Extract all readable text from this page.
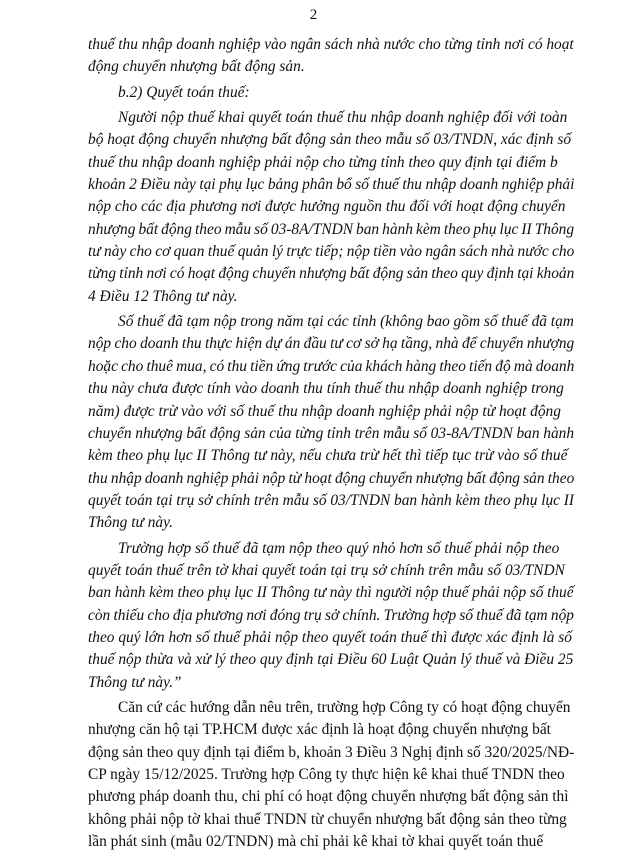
2
thuế thu nhập doanh nghiệp vào ngân sách nhà nước cho từng tỉnh nơi có hoạt
động chuyển nhượng bất động sản.
b.2) Quyết toán thuế:
Người nộp thuế khai quyết toán thuế thu nhập doanh nghiệp đối với toàn
bộ hoạt động chuyển nhượng bất động sản theo mẫu số 03/TNDN, xác định số
thuế thu nhập doanh nghiệp phải nộp cho từng tỉnh theo quy định tại điểm b
khoản 2 Điều này tại phụ lục bảng phân bổ số thuế thu nhập doanh nghiệp phải
nộp cho các địa phương nơi được hưởng nguồn thu đối với hoạt động chuyển
nhượng bất động theo mẫu số 03-8A/TNDN ban hành kèm theo phụ lục II Thông
tư này cho cơ quan thuế quản lý trực tiếp; nộp tiền vào ngân sách nhà nước cho
từng tỉnh nơi có hoạt động chuyển nhượng bất động sản theo quy định tại khoản
4 Điều 12 Thông tư này.
Số thuế đã tạm nộp trong năm tại các tỉnh (không bao gồm số thuế đã tạm
nộp cho doanh thu thực hiện dự án đầu tư cơ sở hạ tầng, nhà để chuyển nhượng
hoặc cho thuê mua, có thu tiền ứng trước của khách hàng theo tiến độ mà doanh
thu này chưa được tính vào doanh thu tính thuế thu nhập doanh nghiệp trong
năm) được trừ vào với số thuế thu nhập doanh nghiệp phải nộp từ hoạt động
chuyển nhượng bất động sản của từng tỉnh trên mẫu số 03-8A/TNDN ban hành
kèm theo phụ lục II Thông tư này, nếu chưa trừ hết thì tiếp tục trừ vào số thuế
thu nhập doanh nghiệp phải nộp từ hoạt động chuyển nhượng bất động sản theo
quyết toán tại trụ sở chính trên mẫu số 03/TNDN ban hành kèm theo phụ lục II
Thông tư này.
Trường hợp số thuế đã tạm nộp theo quý nhỏ hơn số thuế phải nộp theo
quyết toán thuế trên tờ khai quyết toán tại trụ sở chính trên mẫu số 03/TNDN
ban hành kèm theo phụ lục II Thông tư này thì người nộp thuế phải nộp số thuế
còn thiếu cho địa phương nơi đóng trụ sở chính. Trường hợp số thuế đã tạm nộp
theo quý lớn hơn số thuế phải nộp theo quyết toán thuế thì được xác định là số
thuế nộp thừa và xử lý theo quy định tại Điều 60 Luật Quản lý thuế và Điều 25
Thông tư này.”
Căn cứ các hướng dẫn nêu trên, trường hợp Công ty có hoạt động chuyển
nhượng căn hộ tại TP.HCM được xác định là hoạt động chuyển nhượng bất
động sản theo quy định tại điểm b, khoản 3 Điều 3 Nghị định số 320/2025/NĐ-
CP ngày 15/12/2025. Trường hợp Công ty thực hiện kê khai thuế TNDN theo
phương pháp doanh thu, chi phí có hoạt động chuyển nhượng bất động sản thì
không phải nộp tờ khai thuế TNDN từ chuyển nhượng bất động sản theo từng
lần phát sinh (mẫu 02/TNDN) mà chỉ phải kê khai tờ khai quyết toán thuế
